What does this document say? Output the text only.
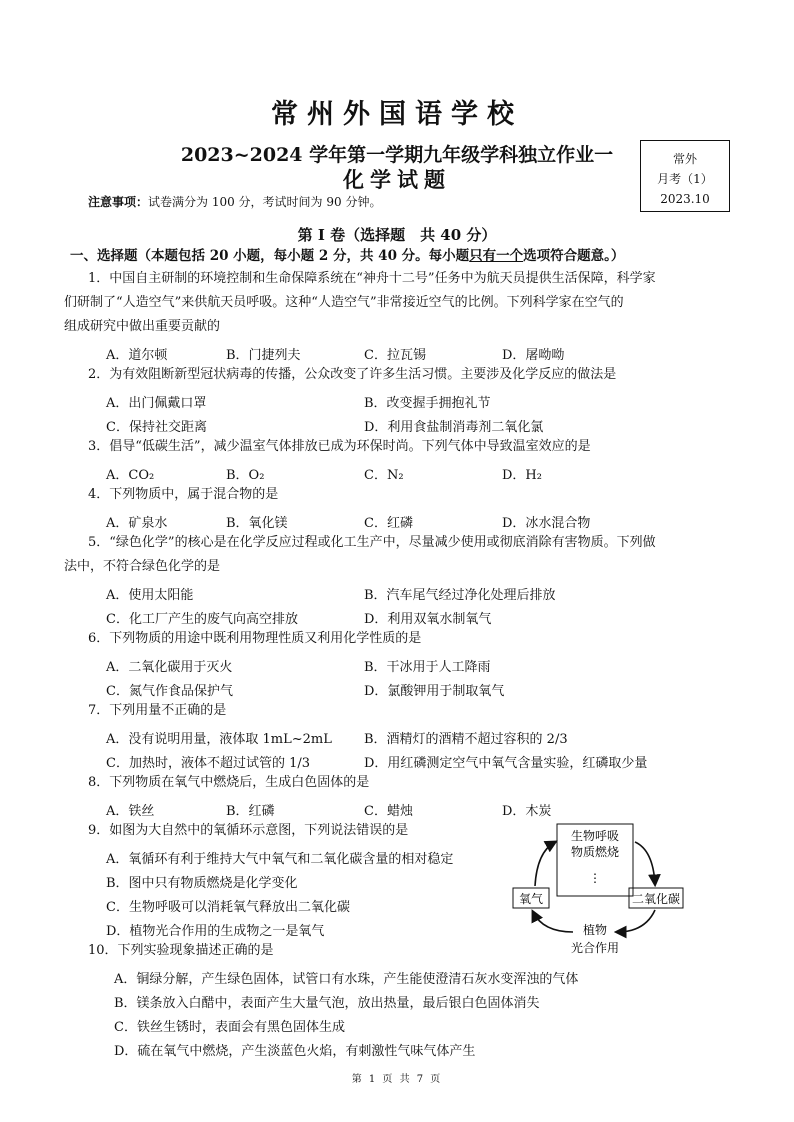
常州外国语学校
2023~2024 学年第一学期九年级学科独立作业一
化学试题
常外
月考（1）
2023.10
注意事项：试卷满分为 100 分，考试时间为 90 分钟。
第 I 卷（选择题　共 40 分）
一、选择题（本题包括 20 小题，每小题 2 分，共 40 分。每小题只有一个选项符合题意。）
1．中国自主研制的环境控制和生命保障系统在“神舟十二号”任务中为航天员提供生活保障，科学家
们研制了“人造空气”来供航天员呼吸。这种“人造空气”非常接近空气的比例。下列科学家在空气的
组成研究中做出重要贡献的
A．道尔顿	B．门捷列夫	C．拉瓦锡	D．屠呦呦
2．为有效阻断新型冠状病毒的传播，公众改变了许多生活习惯。主要涉及化学反应的做法是
A．出门佩戴口罩	B．改变握手拥抱礼节
C．保持社交距离	D．利用食盐制消毒剂二氧化氯
3．倡导“低碳生活”，减少温室气体排放已成为环保时尚。下列气体中导致温室效应的是
A．CO₂	B．O₂	C．N₂	D．H₂
4．下列物质中，属于混合物的是
A．矿泉水	B．氧化镁	C．红磷	D．冰水混合物
5．“绿色化学”的核心是在化学反应过程或化工生产中，尽量减少使用或彻底消除有害物质。下列做
法中，不符合绿色化学的是
A．使用太阳能	B．汽车尾气经过净化处理后排放
C．化工厂产生的废气向高空排放	D．利用双氧水制氧气
6．下列物质的用途中既利用物理性质又利用化学性质的是
A．二氧化碳用于灭火	B．干冰用于人工降雨
C．氮气作食品保护气	D．氯酸钾用于制取氧气
7．下列用量不正确的是
A．没有说明用量，液体取 1mL~2mL B．酒精灯的酒精不超过容积的 2/3
C．加热时，液体不超过试管的 1/3	D．用红磷测定空气中氧气含量实验，红磷取少量
8．下列物质在氧气中燃烧后，生成白色固体的是
A．铁丝	B．红磷	C．蜡烛	D．木炭
9．如图为大自然中的氧循环示意图，下列说法错误的是
A．氧循环有利于维持大气中氧气和二氧化碳含量的相对稳定
B．图中只有物质燃烧是化学变化
C．生物呼吸可以消耗氧气释放出二氧化碳
D．植物光合作用的生成物之一是氧气
生物呼吸
物质燃烧
⋮
氧气	二氧化碳
植物
光合作用
10．下列实验现象描述正确的是
A．铜绿分解，产生绿色固体，试管口有水珠，产生能使澄清石灰水变浑浊的气体
B．镁条放入白醋中，表面产生大量气泡，放出热量，最后银白色固体消失
C．铁丝生锈时，表面会有黑色固体生成
D．硫在氧气中燃烧，产生淡蓝色火焰，有刺激性气味气体产生
第 1 页 共 7 页
